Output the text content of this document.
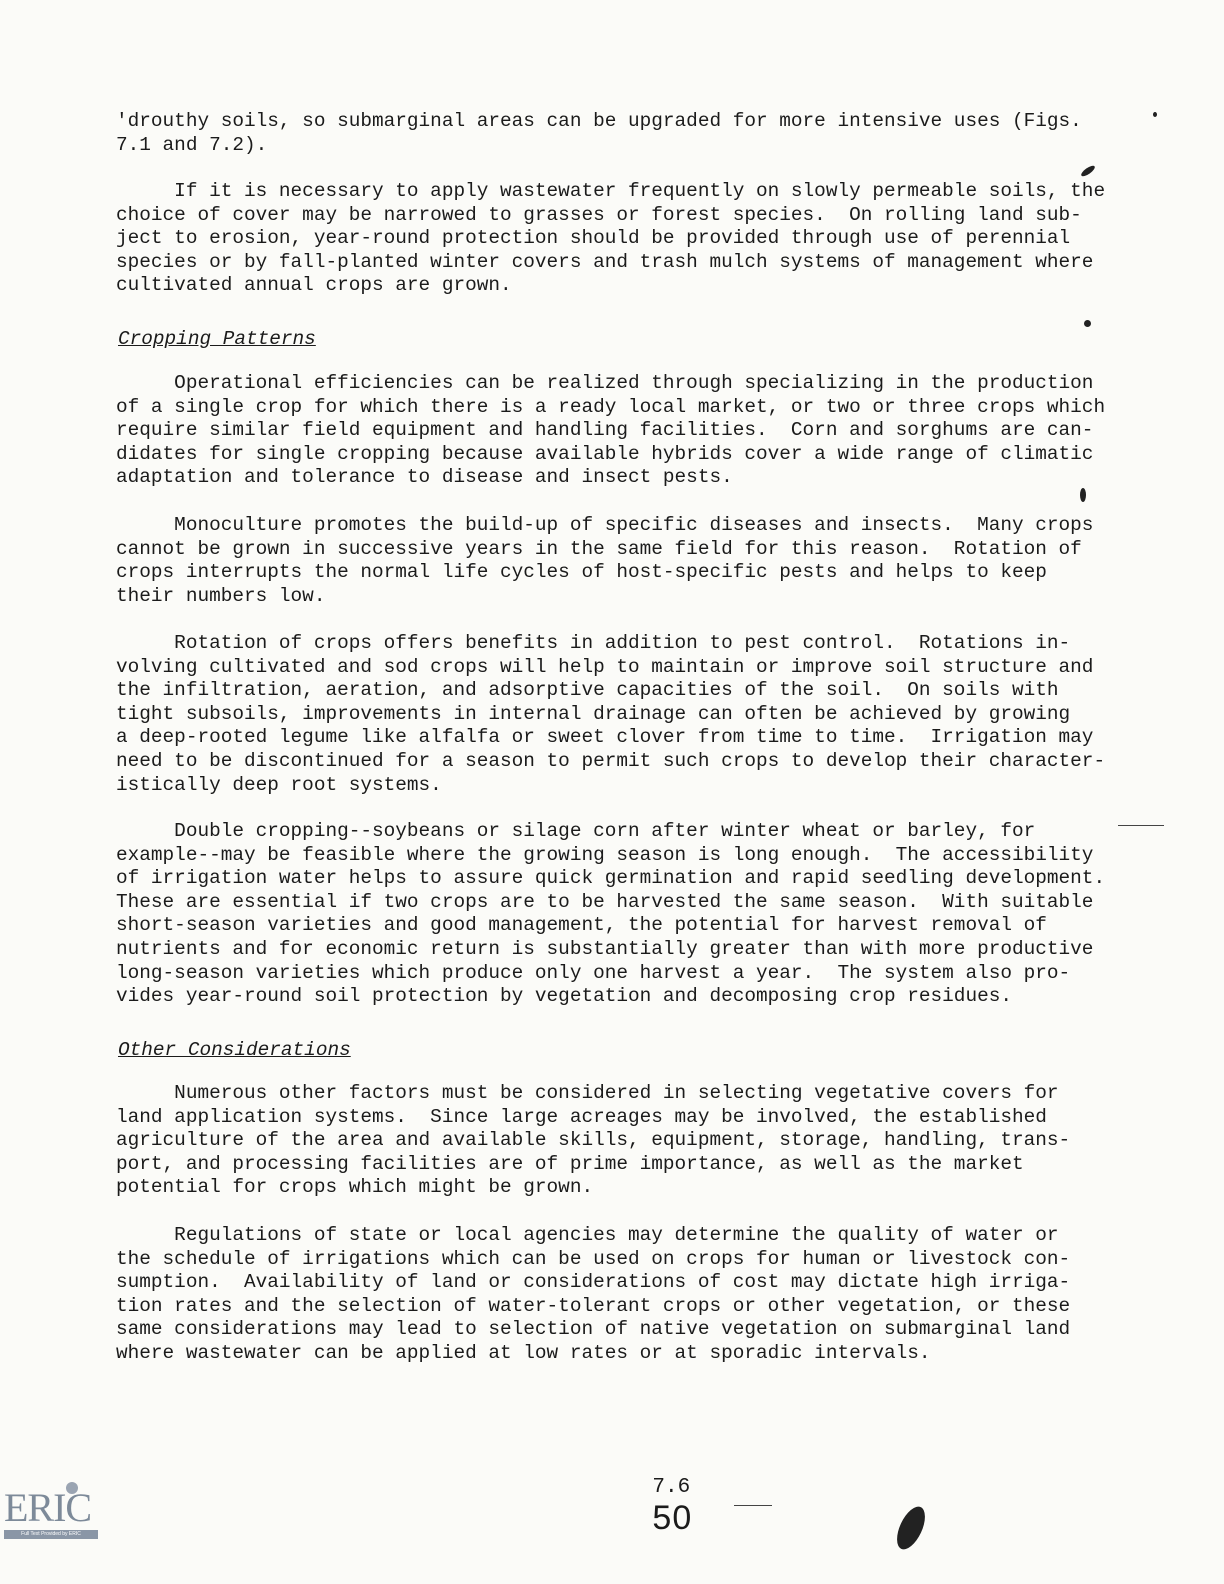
'drouthy soils, so submarginal areas can be upgraded for more intensive uses (Figs.
7.1 and 7.2).
If it is necessary to apply wastewater frequently on slowly permeable soils, the
choice of cover may be narrowed to grasses or forest species.  On rolling land sub-
ject to erosion, year-round protection should be provided through use of perennial
species or by fall-planted winter covers and trash mulch systems of management where
cultivated annual crops are grown.
Cropping Patterns
Operational efficiencies can be realized through specializing in the production
of a single crop for which there is a ready local market, or two or three crops which
require similar field equipment and handling facilities.  Corn and sorghums are can-
didates for single cropping because available hybrids cover a wide range of climatic
adaptation and tolerance to disease and insect pests.
Monoculture promotes the build-up of specific diseases and insects.  Many crops
cannot be grown in successive years in the same field for this reason.  Rotation of
crops interrupts the normal life cycles of host-specific pests and helps to keep
their numbers low.
Rotation of crops offers benefits in addition to pest control.  Rotations in-
volving cultivated and sod crops will help to maintain or improve soil structure and
the infiltration, aeration, and adsorptive capacities of the soil.  On soils with
tight subsoils, improvements in internal drainage can often be achieved by growing
a deep-rooted legume like alfalfa or sweet clover from time to time.  Irrigation may
need to be discontinued for a season to permit such crops to develop their character-
istically deep root systems.
Double cropping--soybeans or silage corn after winter wheat or barley, for
example--may be feasible where the growing season is long enough.  The accessibility
of irrigation water helps to assure quick germination and rapid seedling development.
These are essential if two crops are to be harvested the same season.  With suitable
short-season varieties and good management, the potential for harvest removal of
nutrients and for economic return is substantially greater than with more productive
long-season varieties which produce only one harvest a year.  The system also pro-
vides year-round soil protection by vegetation and decomposing crop residues.
Other Considerations
Numerous other factors must be considered in selecting vegetative covers for
land application systems.  Since large acreages may be involved, the established
agriculture of the area and available skills, equipment, storage, handling, trans-
port, and processing facilities are of prime importance, as well as the market
potential for crops which might be grown.
Regulations of state or local agencies may determine the quality of water or
the schedule of irrigations which can be used on crops for human or livestock con-
sumption.  Availability of land or considerations of cost may dictate high irriga-
tion rates and the selection of water-tolerant crops or other vegetation, or these
same considerations may lead to selection of native vegetation on submarginal land
where wastewater can be applied at low rates or at sporadic intervals.

7.6
50

ERIC
Full Text Provided by ERIC
